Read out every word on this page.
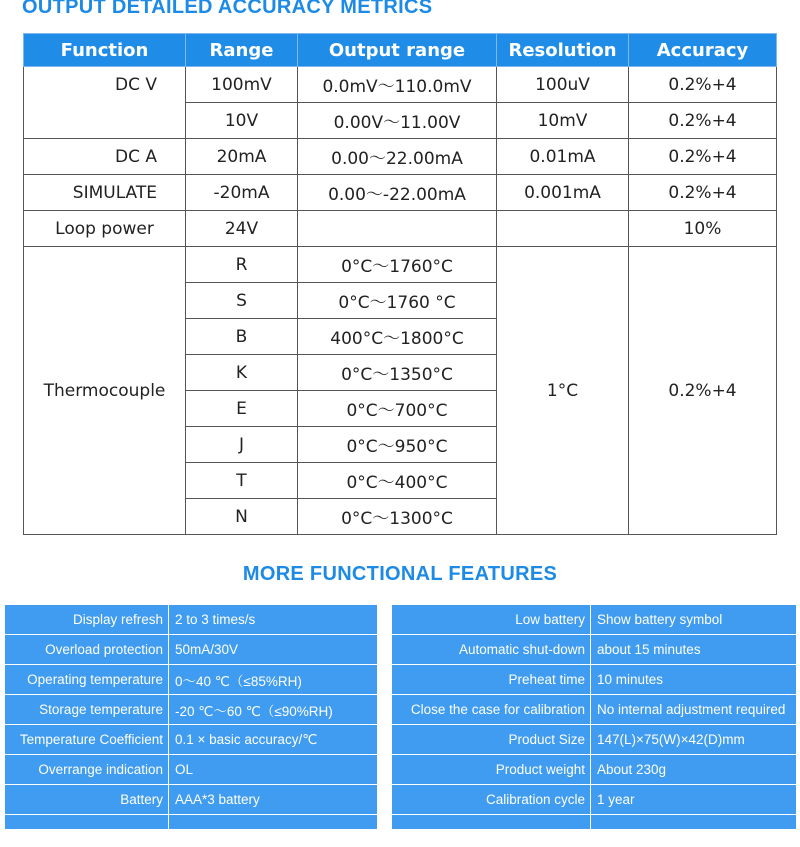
OUTPUT DETAILED ACCURACY METRICS
Function	Range	Output range	Resolution	Accuracy
DC V	100mV	0.0mV～110.0mV	100uV	0.2%+4
	10V	0.00V～11.00V	10mV	0.2%+4
DC A	20mA	0.00～22.00mA	0.01mA	0.2%+4
SIMULATE	-20mA	0.00～-22.00mA	0.001mA	0.2%+4
Loop power	24V			10%
Thermocouple	R	0°C～1760°C	1°C	0.2%+4
	S	0°C～1760 °C		
	B	400°C～1800°C		
	K	0°C～1350°C		
	E	0°C～700°C		
	J	0°C～950°C		
	T	0°C～400°C		
	N	0°C～1300°C		
MORE FUNCTIONAL FEATURES
Display refresh	2 to 3 times/s
Overload protection	50mA/30V
Operating temperature	0～40 ℃（≤85%RH)
Storage temperature	-20 ℃～60 ℃（≤90%RH)
Temperature Coefficient	0.1 × basic accuracy/℃
Overrange indication	OL
Battery	AAA*3 battery

Low battery	Show battery symbol
Automatic shut-down	about 15 minutes
Preheat time	10 minutes
Close the case for calibration	No internal adjustment required
Product Size	147(L)×75(W)×42(D)mm
Product weight	About 230g
Calibration cycle	1 year
